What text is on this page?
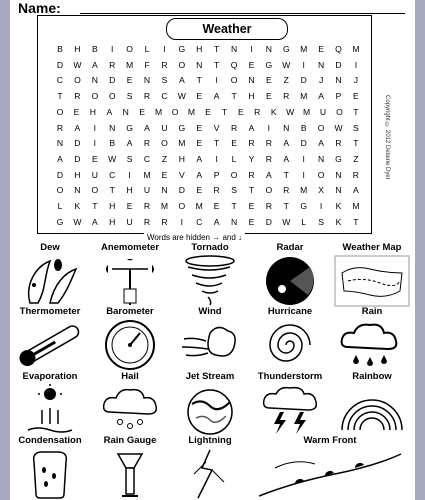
Name:
Weather
B	H	B	I	O	L	I	G	H	T	N	I	N	G	M	E	Q	M
D	W	A	R	M	F	R	O	N	T	Q	E	G	W	I	N	D	I
C	O	N	D	E	N	S	A	T	I	O	N	E	Z	D	J	N	J
T	R	O	O	S	R	C	W	E	A	T	H	E	R	M	A	P	E
O	E	H	A	N	E	M	O	M	E	T	E	R	K	W	M	U	O	T
R	A	I	N	G	A	U	G	E	V	R	A	I	N	B	O	W	S
N	D	I	B	A	R	O	M	E	T	E	R	R	A	D	A	R	T
A	D	E	W	S	C	Z	H	A	I	L	Y	R	A	I	N	G	Z
D	H	U	C	I	M	E	V	A	P	O	R	A	T	I	O	N	R
O	N	O	T	H	U	N	D	E	R	S	T	O	R	M	X	N	A
L	K	T	H	E	R	M	O	M	E	T	E	R	T	G	I	K	M
G	W	A	H	U	R	R	I	C	A	N	E	D	W	L	S	K	T
Copyright © 2012 Delaine Dyer
Words are hidden → and ↓
Dew	Anemometer	Tornado	Radar	Weather Map
Thermometer	Barometer	Wind	Hurricane	Rain
Evaporation	Hail	Jet Stream	Thunderstorm	Rainbow
Condensation	Rain Gauge	Lightning	Warm Front
